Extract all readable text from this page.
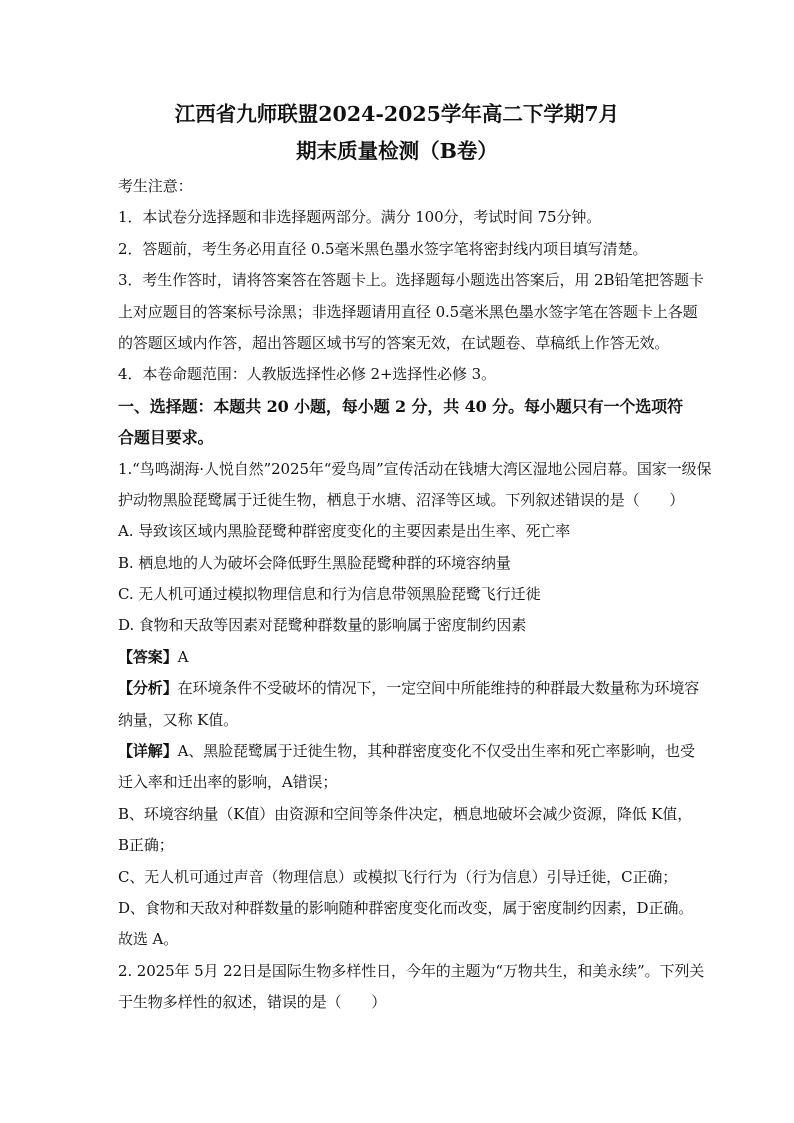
江西省九师联盟2024-2025学年高二下学期7月
期末质量检测（B卷）
考生注意：
1．本试卷分选择题和非选择题两部分。满分 100分，考试时间 75分钟。
2．答题前，考生务必用直径 0.5毫米黑色墨水签字笔将密封线内项目填写清楚。
3．考生作答时，请将答案答在答题卡上。选择题每小题选出答案后，用 2B铅笔把答题卡
上对应题目的答案标号涂黑；非选择题请用直径 0.5毫米黑色墨水签字笔在答题卡上各题
的答题区域内作答，超出答题区域书写的答案无效，在试题卷、草稿纸上作答无效。
4．本卷命题范围：人教版选择性必修 2+选择性必修 3。
一、选择题：本题共 20 小题，每小题 2 分，共 40 分。每小题只有一个选项符
合题目要求。
1.“鸟鸣湖海·人悦自然”2025年“爱鸟周”宣传活动在钱塘大湾区湿地公园启幕。国家一级保
护动物黑脸琵鹭属于迁徙生物，栖息于水塘、沼泽等区域。下列叙述错误的是（　　）
A. 导致该区域内黑脸琵鹭种群密度变化的主要因素是出生率、死亡率
B. 栖息地的人为破坏会降低野生黑脸琵鹭种群的环境容纳量
C. 无人机可通过模拟物理信息和行为信息带领黑脸琵鹭飞行迁徙
D. 食物和天敌等因素对琵鹭种群数量的影响属于密度制约因素
【答案】A
【分析】在环境条件不受破坏的情况下，一定空间中所能维持的种群最大数量称为环境容
纳量，又称 K值。
【详解】A、黑脸琵鹭属于迁徙生物，其种群密度变化不仅受出生率和死亡率影响，也受
迁入率和迁出率的影响，A错误；
B、环境容纳量（K值）由资源和空间等条件决定，栖息地破坏会减少资源，降低 K值，
B正确；
C、无人机可通过声音（物理信息）或模拟飞行行为（行为信息）引导迁徙，C正确；
D、食物和天敌对种群数量的影响随种群密度变化而改变，属于密度制约因素，D正确。
故选 A。
2. 2025年 5月 22日是国际生物多样性日，今年的主题为“万物共生，和美永续”。下列关
于生物多样性的叙述，错误的是（　　）
